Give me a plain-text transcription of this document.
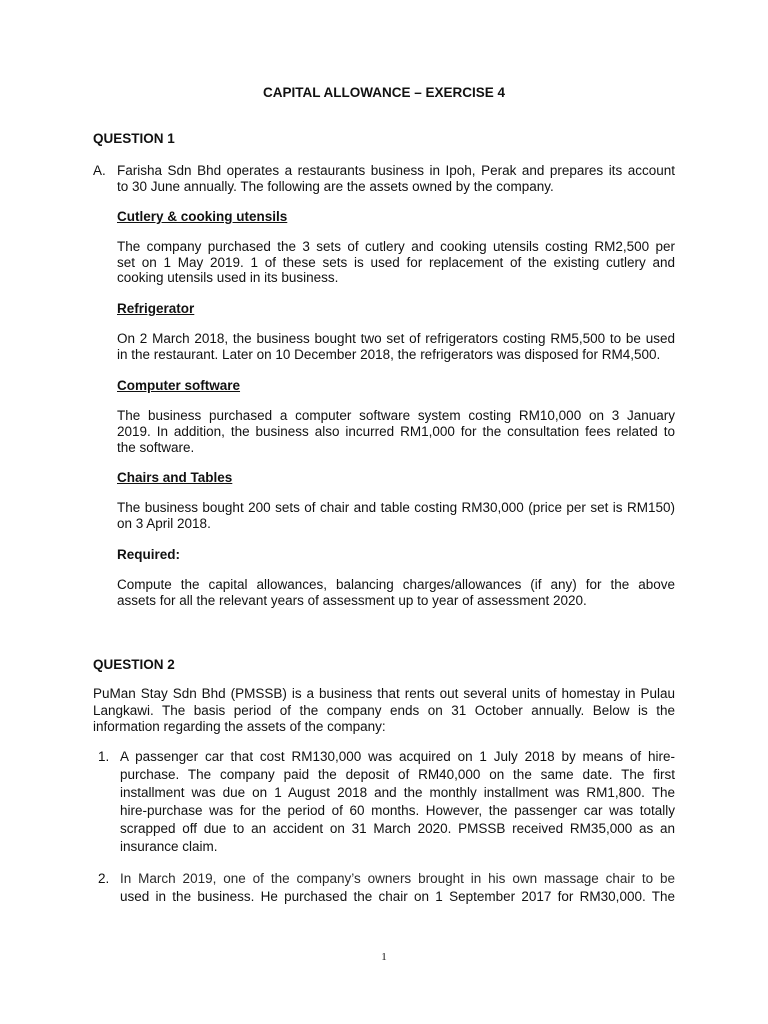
CAPITAL ALLOWANCE – EXERCISE 4
QUESTION 1
A. Farisha Sdn Bhd operates a restaurants business in Ipoh, Perak and prepares its account
to 30 June annually. The following are the assets owned by the company.
Cutlery & cooking utensils
The company purchased the 3 sets of cutlery and cooking utensils costing RM2,500 per
set on 1 May 2019. 1 of these sets is used for replacement of the existing cutlery and
cooking utensils used in its business.
Refrigerator
On 2 March 2018, the business bought two set of refrigerators costing RM5,500 to be used
in the restaurant. Later on 10 December 2018, the refrigerators was disposed for RM4,500.
Computer software
The business purchased a computer software system costing RM10,000 on 3 January
2019. In addition, the business also incurred RM1,000 for the consultation fees related to
the software.
Chairs and Tables
The business bought 200 sets of chair and table costing RM30,000 (price per set is RM150)
on 3 April 2018.
Required:
Compute the capital allowances, balancing charges/allowances (if any) for the above
assets for all the relevant years of assessment up to year of assessment 2020.
QUESTION 2
PuMan Stay Sdn Bhd (PMSSB) is a business that rents out several units of homestay in Pulau
Langkawi. The basis period of the company ends on 31 October annually. Below is the
information regarding the assets of the company:
1. A passenger car that cost RM130,000 was acquired on 1 July 2018 by means of hire-
purchase. The company paid the deposit of RM40,000 on the same date. The first
installment was due on 1 August 2018 and the monthly installment was RM1,800. The
hire-purchase was for the period of 60 months. However, the passenger car was totally
scrapped off due to an accident on 31 March 2020. PMSSB received RM35,000 as an
insurance claim.
2. In March 2019, one of the company’s owners brought in his own massage chair to be
used in the business. He purchased the chair on 1 September 2017 for RM30,000. The
1
